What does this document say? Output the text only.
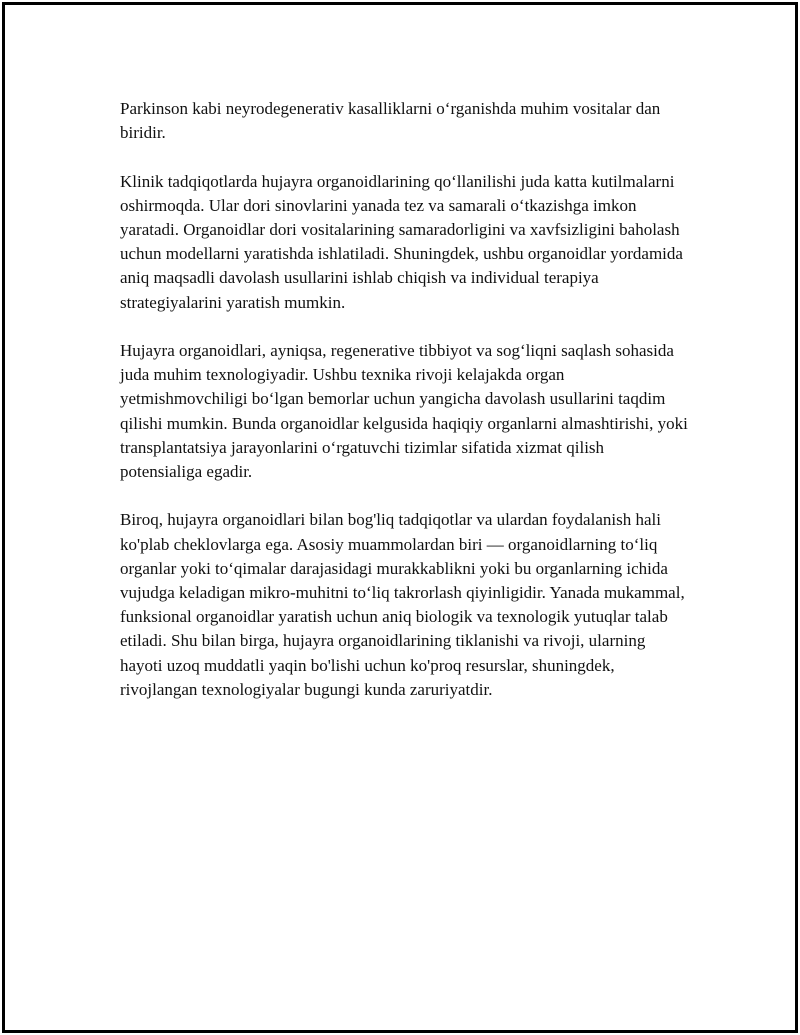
Parkinson kabi neyrodegenerativ kasalliklarni o‘rganishda muhim vositalar dan biridir.

Klinik tadqiqotlarda hujayra organoidlarining qo‘llanilishi juda katta kutilmalarni oshirmoqda. Ular dori sinovlarini yanada tez va samarali o‘tkazishga imkon yaratadi. Organoidlar dori vositalarining samaradorligini va xavfsizligini baholash uchun modellarni yaratishda ishlatiladi. Shuningdek, ushbu organoidlar yordamida aniq maqsadli davolash usullarini ishlab chiqish va individual terapiya strategiyalarini yaratish mumkin.

Hujayra organoidlari, ayniqsa, regenerative tibbiyot va sog‘liqni saqlash sohasida juda muhim texnologiyadir. Ushbu texnika rivoji kelajakda organ yetmishmovchiligi bo‘lgan bemorlar uchun yangicha davolash usullarini taqdim qilishi mumkin. Bunda organoidlar kelgusida haqiqiy organlarni almashtirishi, yoki transplantatsiya jarayonlarini o‘rgatuvchi tizimlar sifatida xizmat qilish potensialiga egadir.

Biroq, hujayra organoidlari bilan bog'liq tadqiqotlar va ulardan foydalanish hali ko'plab cheklovlarga ega. Asosiy muammolardan biri — organoidlarning to‘liq organlar yoki to‘qimalar darajasidagi murakkablikni yoki bu organlarning ichida vujudga keladigan mikro-muhitni to‘liq takrorlash qiyinligidir. Yanada mukammal, funksional organoidlar yaratish uchun aniq biologik va texnologik yutuqlar talab etiladi. Shu bilan birga, hujayra organoidlarining tiklanishi va rivoji, ularning hayoti uzoq muddatli yaqin bo'lishi uchun ko'proq resurslar, shuningdek, rivojlangan texnologiyalar bugungi kunda zaruriyatdir.
